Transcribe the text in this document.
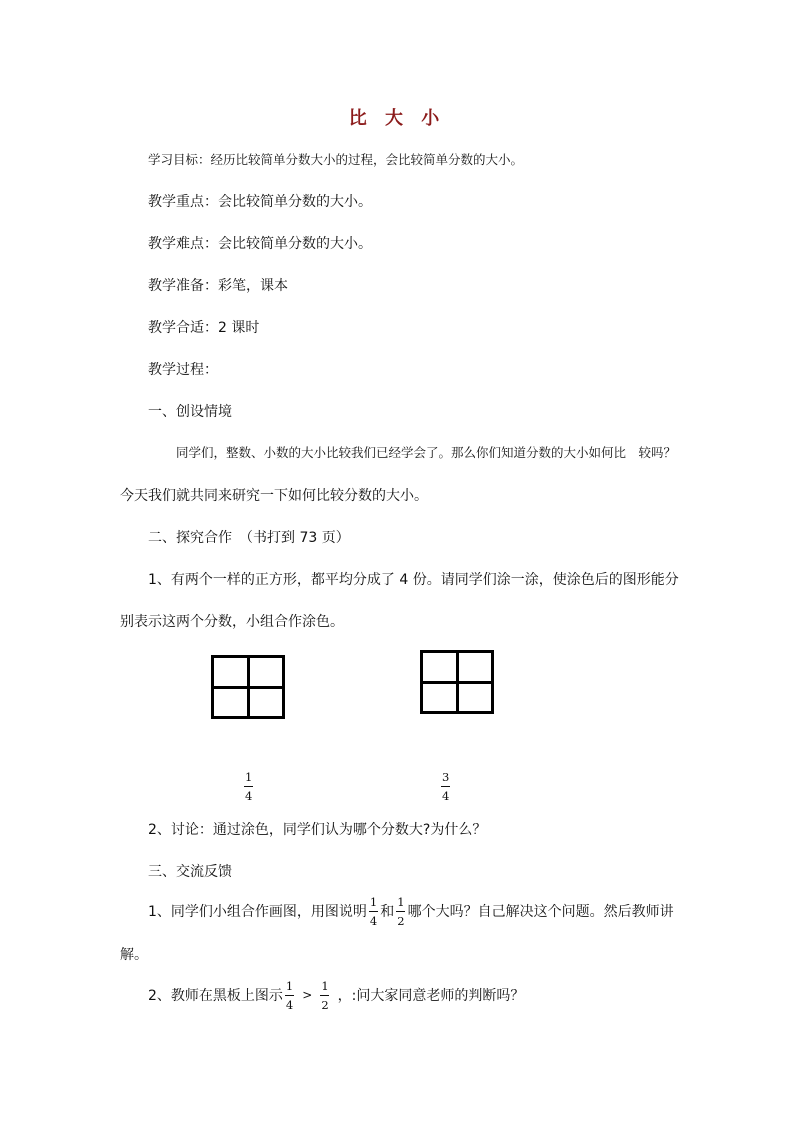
比 大 小
学习目标：经历比较简单分数大小的过程，会比较简单分数的大小。
教学重点：会比较简单分数的大小。
教学难点：会比较简单分数的大小。
教学准备：彩笔，课本
教学合适：2 课时
教学过程：
一、创设情境
同学们，整数、小数的大小比较我们已经学会了。那么你们知道分数的大小如何比　较吗？
今天我们就共同来研究一下如何比较分数的大小。
二、探究合作　（书打到 73 页）
1、有两个一样的正方形，都平均分成了 4 份。请同学们涂一涂，使涂色后的图形能分
别表示这两个分数，小组合作涂色。
$\frac{1}{4}$	$\frac{3}{4}$
2、讨论：通过涂色，同学们认为哪个分数大?为什么？
三、交流反馈
1、同学们小组合作画图，用图说明 $\frac{1}{4}$ 和 $\frac{1}{2}$ 哪个大吗？自己解决这个问题。然后教师讲
解。
2、教师在黑板上图示 $\frac{1}{4} > \frac{1}{2}$ ，:问大家同意老师的判断吗？
